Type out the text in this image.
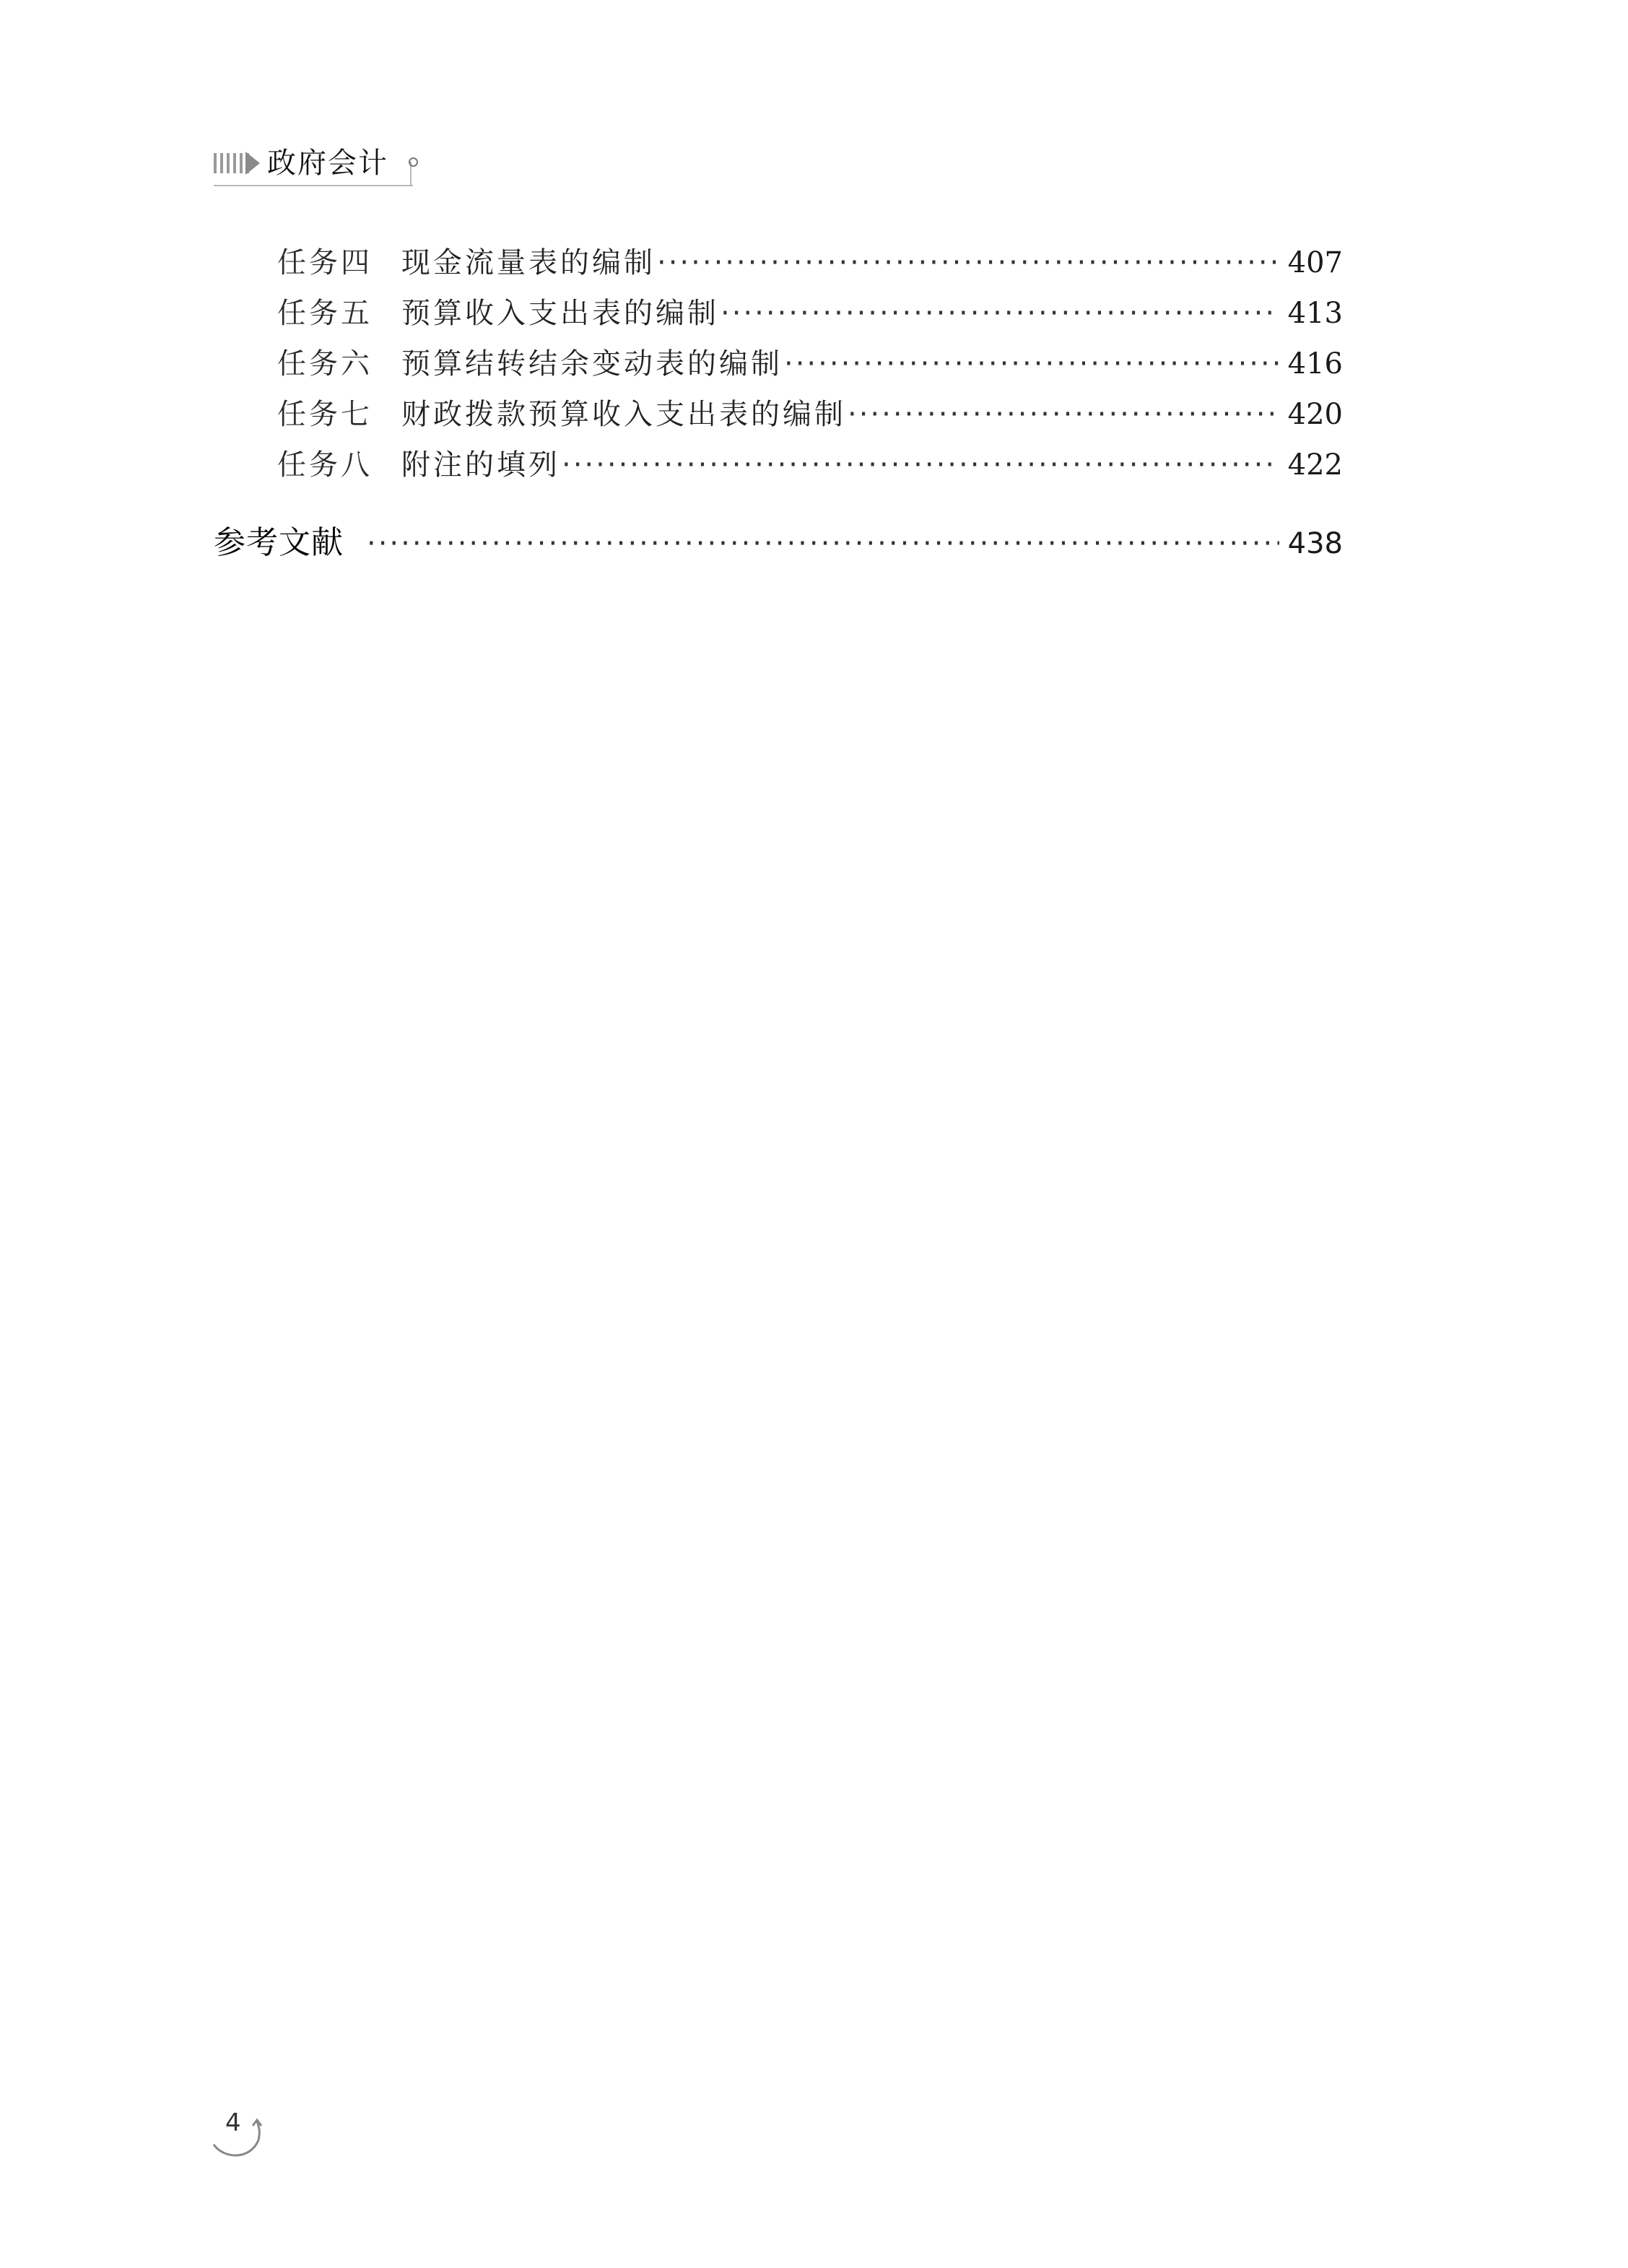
政府会计
任务四	现金流量表的编制 ·····	407
任务五	预算收入支出表的编制 ·····	413
任务六	预算结转结余变动表的编制 ·····	416
任务七	财政拨款预算收入支出表的编制 ·····	420
任务八	附注的填列 ·····	422
参考文献 ·····	438
4
